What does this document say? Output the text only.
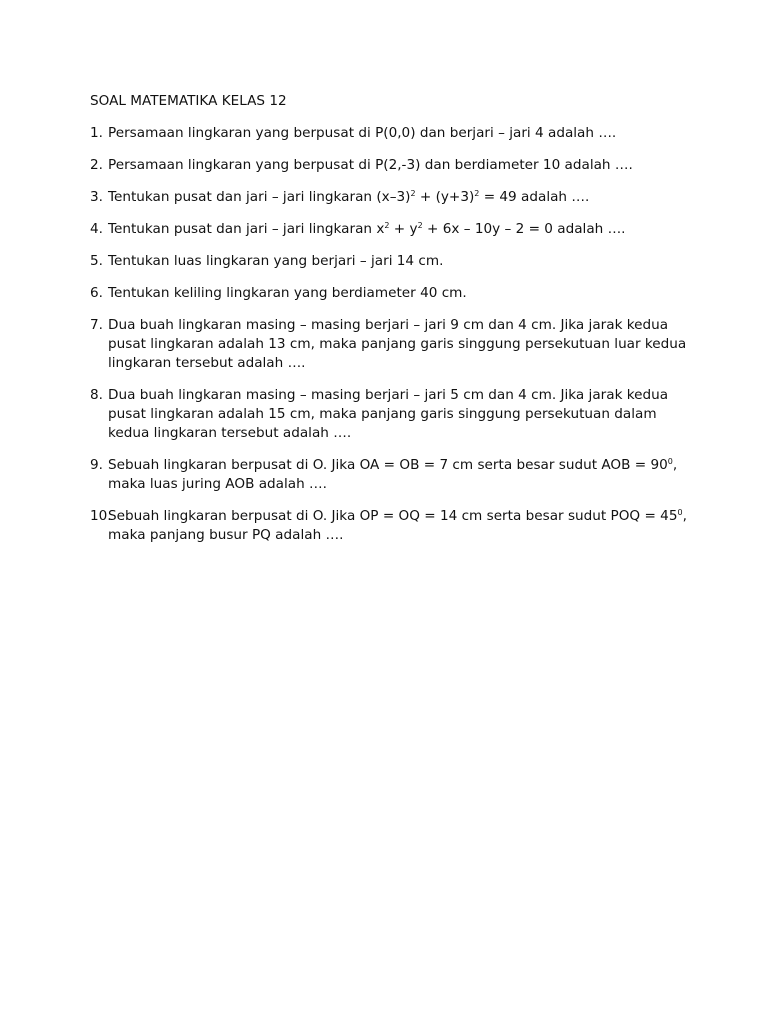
SOAL MATEMATIKA KELAS 12
1. Persamaan lingkaran yang berpusat di P(0,0) dan berjari – jari 4 adalah ….
2. Persamaan lingkaran yang berpusat di P(2,-3) dan berdiameter 10 adalah ….
3. Tentukan pusat dan jari – jari lingkaran $(x-3)^2 + (y+3)^2 = 49$ adalah ….
4. Tentukan pusat dan jari – jari lingkaran $x^2 + y^2 + 6x - 10y - 2 = 0$ adalah ….
5. Tentukan luas lingkaran yang berjari – jari 14 cm.
6. Tentukan keliling lingkaran yang berdiameter 40 cm.
7. Dua buah lingkaran masing – masing berjari – jari 9 cm dan 4 cm. Jika jarak kedua pusat lingkaran adalah 13 cm, maka panjang garis singgung persekutuan luar kedua lingkaran tersebut adalah ….
8. Dua buah lingkaran masing – masing berjari – jari 5 cm dan 4 cm. Jika jarak kedua pusat lingkaran adalah 15 cm, maka panjang garis singgung persekutuan dalam kedua lingkaran tersebut adalah ….
9. Sebuah lingkaran berpusat di O. Jika OA = OB = 7 cm serta besar sudut AOB = $90^0$, maka luas juring AOB adalah ….
10.
Sebuah lingkaran berpusat di O. Jika OP = OQ = 14 cm serta besar sudut POQ = $45^0$, maka panjang busur PQ adalah ….
